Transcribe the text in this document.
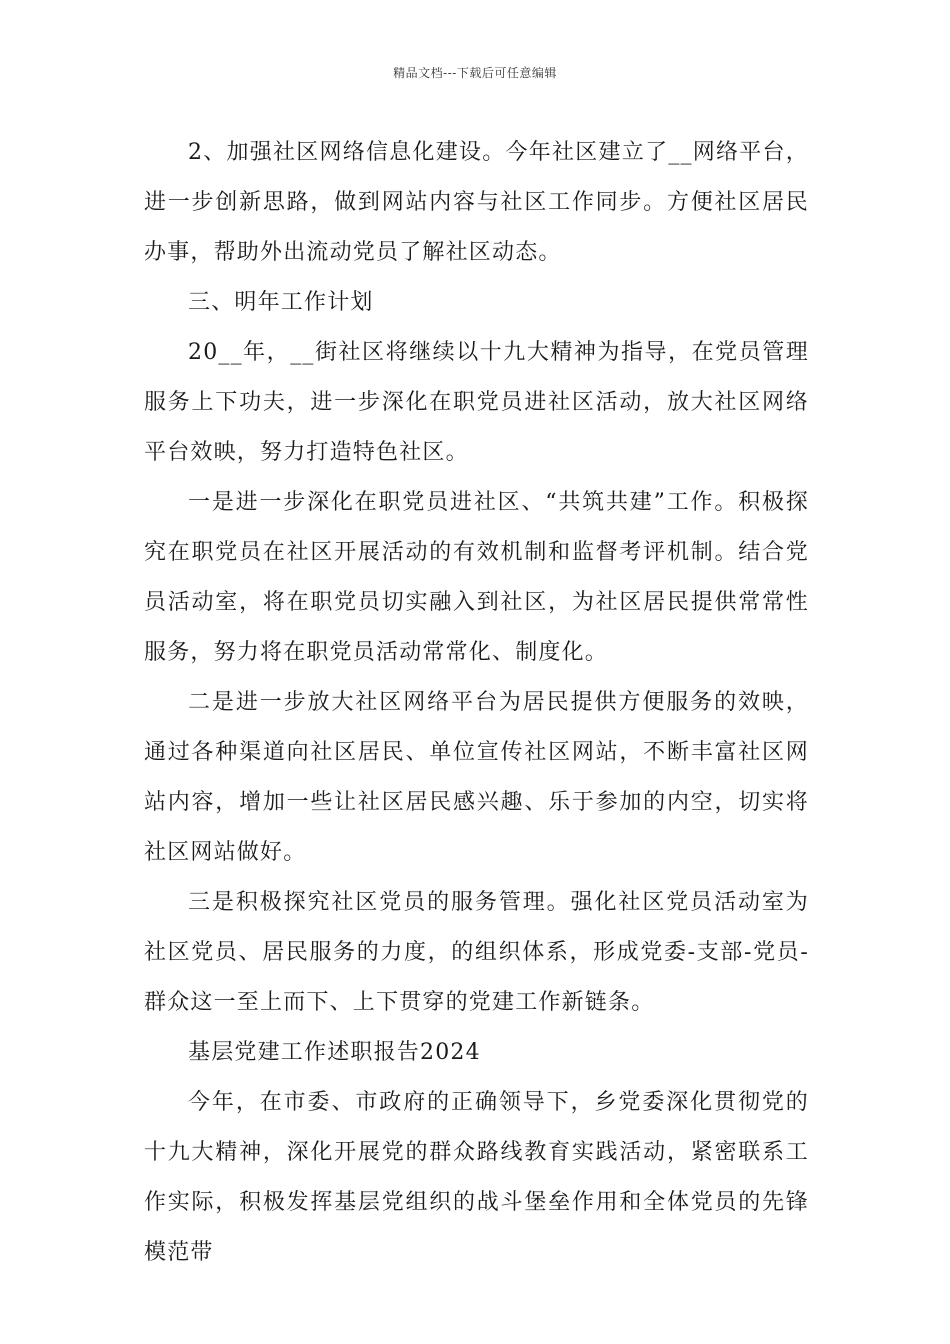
精品文档---下载后可任意编辑

2、加强社区网络信息化建设。今年社区建立了__网络平台，进一步创新思路，做到网站内容与社区工作同步。方便社区居民办事，帮助外出流动党员了解社区动态。

三、明年工作计划

20__年，__街社区将继续以十九大精神为指导，在党员管理服务上下功夫，进一步深化在职党员进社区活动，放大社区网络平台效映，努力打造特色社区。

一是进一步深化在职党员进社区、“共筑共建”工作。积极探究在职党员在社区开展活动的有效机制和监督考评机制。结合党员活动室，将在职党员切实融入到社区，为社区居民提供常常性服务，努力将在职党员活动常常化、制度化。

二是进一步放大社区网络平台为居民提供方便服务的效映，通过各种渠道向社区居民、单位宣传社区网站，不断丰富社区网站内容，增加一些让社区居民感兴趣、乐于参加的内空，切实将社区网站做好。

三是积极探究社区党员的服务管理。强化社区党员活动室为社区党员、居民服务的力度，的组织体系，形成党委-支部-党员-群众这一至上而下、上下贯穿的党建工作新链条。

基层党建工作述职报告2024

今年，在市委、市政府的正确领导下，乡党委深化贯彻党的十九大精神，深化开展党的群众路线教育实践活动，紧密联系工作实际，积极发挥基层党组织的战斗堡垒作用和全体党员的先锋模范带
